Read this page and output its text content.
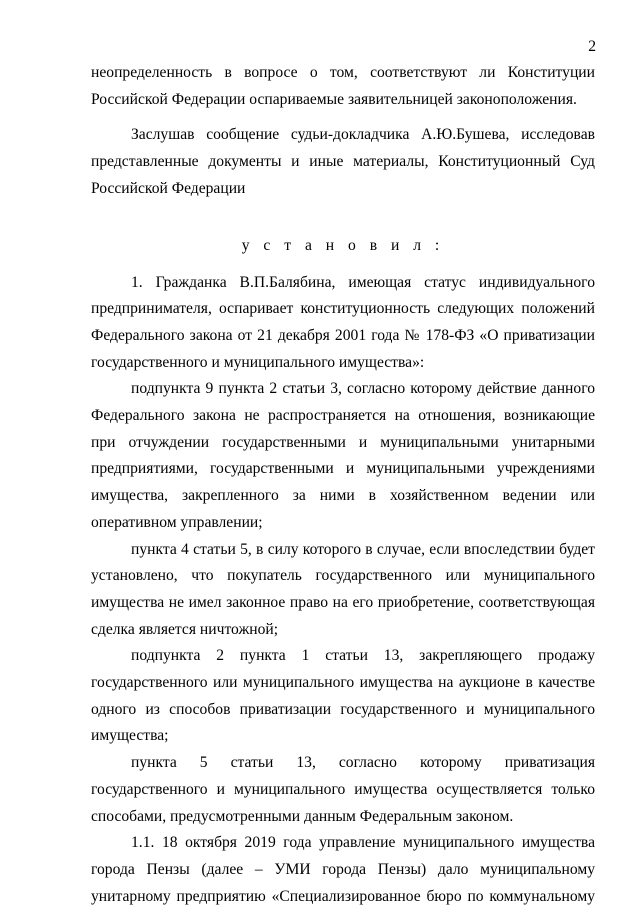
2

неопределенность в вопросе о том, соответствуют ли Конституции Российской Федерации оспариваемые заявительницей законоположения.

Заслушав сообщение судьи-докладчика А.Ю.Бушева, исследовав представленные документы и иные материалы, Конституционный Суд Российской Федерации

у с т а н о в и л :

1. Гражданка В.П.Балябина, имеющая статус индивидуального предпринимателя, оспаривает конституционность следующих положений Федерального закона от 21 декабря 2001 года № 178-ФЗ «О приватизации государственного и муниципального имущества»:

подпункта 9 пункта 2 статьи 3, согласно которому действие данного Федерального закона не распространяется на отношения, возникающие при отчуждении государственными и муниципальными унитарными предприятиями, государственными и муниципальными учреждениями имущества, закрепленного за ними в хозяйственном ведении или оперативном управлении;

пункта 4 статьи 5, в силу которого в случае, если впоследствии будет установлено, что покупатель государственного или муниципального имущества не имел законное право на его приобретение, соответствующая сделка является ничтожной;

подпункта 2 пункта 1 статьи 13, закрепляющего продажу государственного или муниципального имущества на аукционе в качестве одного из способов приватизации государственного и муниципального имущества;

пункта 5 статьи 13, согласно которому приватизация государственного и муниципального имущества осуществляется только способами, предусмотренными данным Федеральным законом.

1.1. 18 октября 2019 года управление муниципального имущества города Пензы (далее – УМИ города Пензы) дало муниципальному унитарному предприятию «Специализированное бюро по коммунальному
